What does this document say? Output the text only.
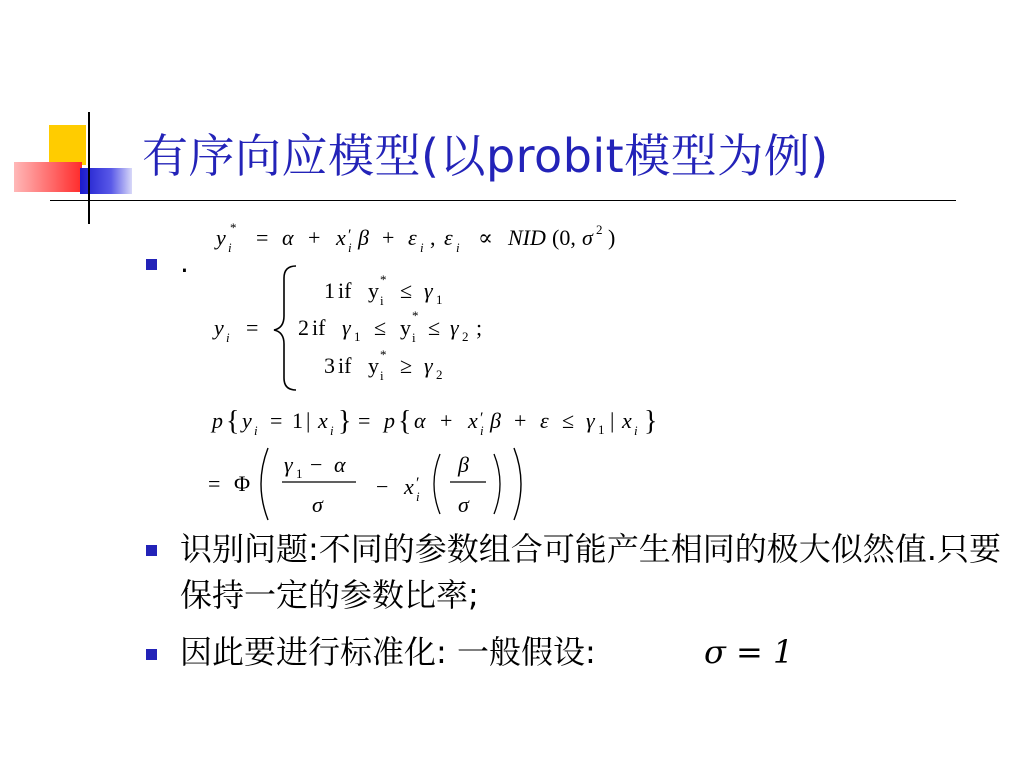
有序向应模型(以probit模型为例)
.
y i
* = α + x i
′ β + ε i , ε i ∝ NID (0, σ 2 )
y i =
1 if y i
* ≤ γ 1
2 if γ 1 ≤ y i
* ≤ γ 2 ;
3 if y i
* ≥ γ 2
p { y i = 1 | x i } = p { α + x i
′ β + ε ≤ γ 1 | x i }
= Φ
γ 1 − α
σ
− x i
′
β
σ
识别问题:不同的参数组合可能产生相同的极大似然值.只要保持一定的参数比率;
因此要进行标准化: 一般假设:	σ = 1
